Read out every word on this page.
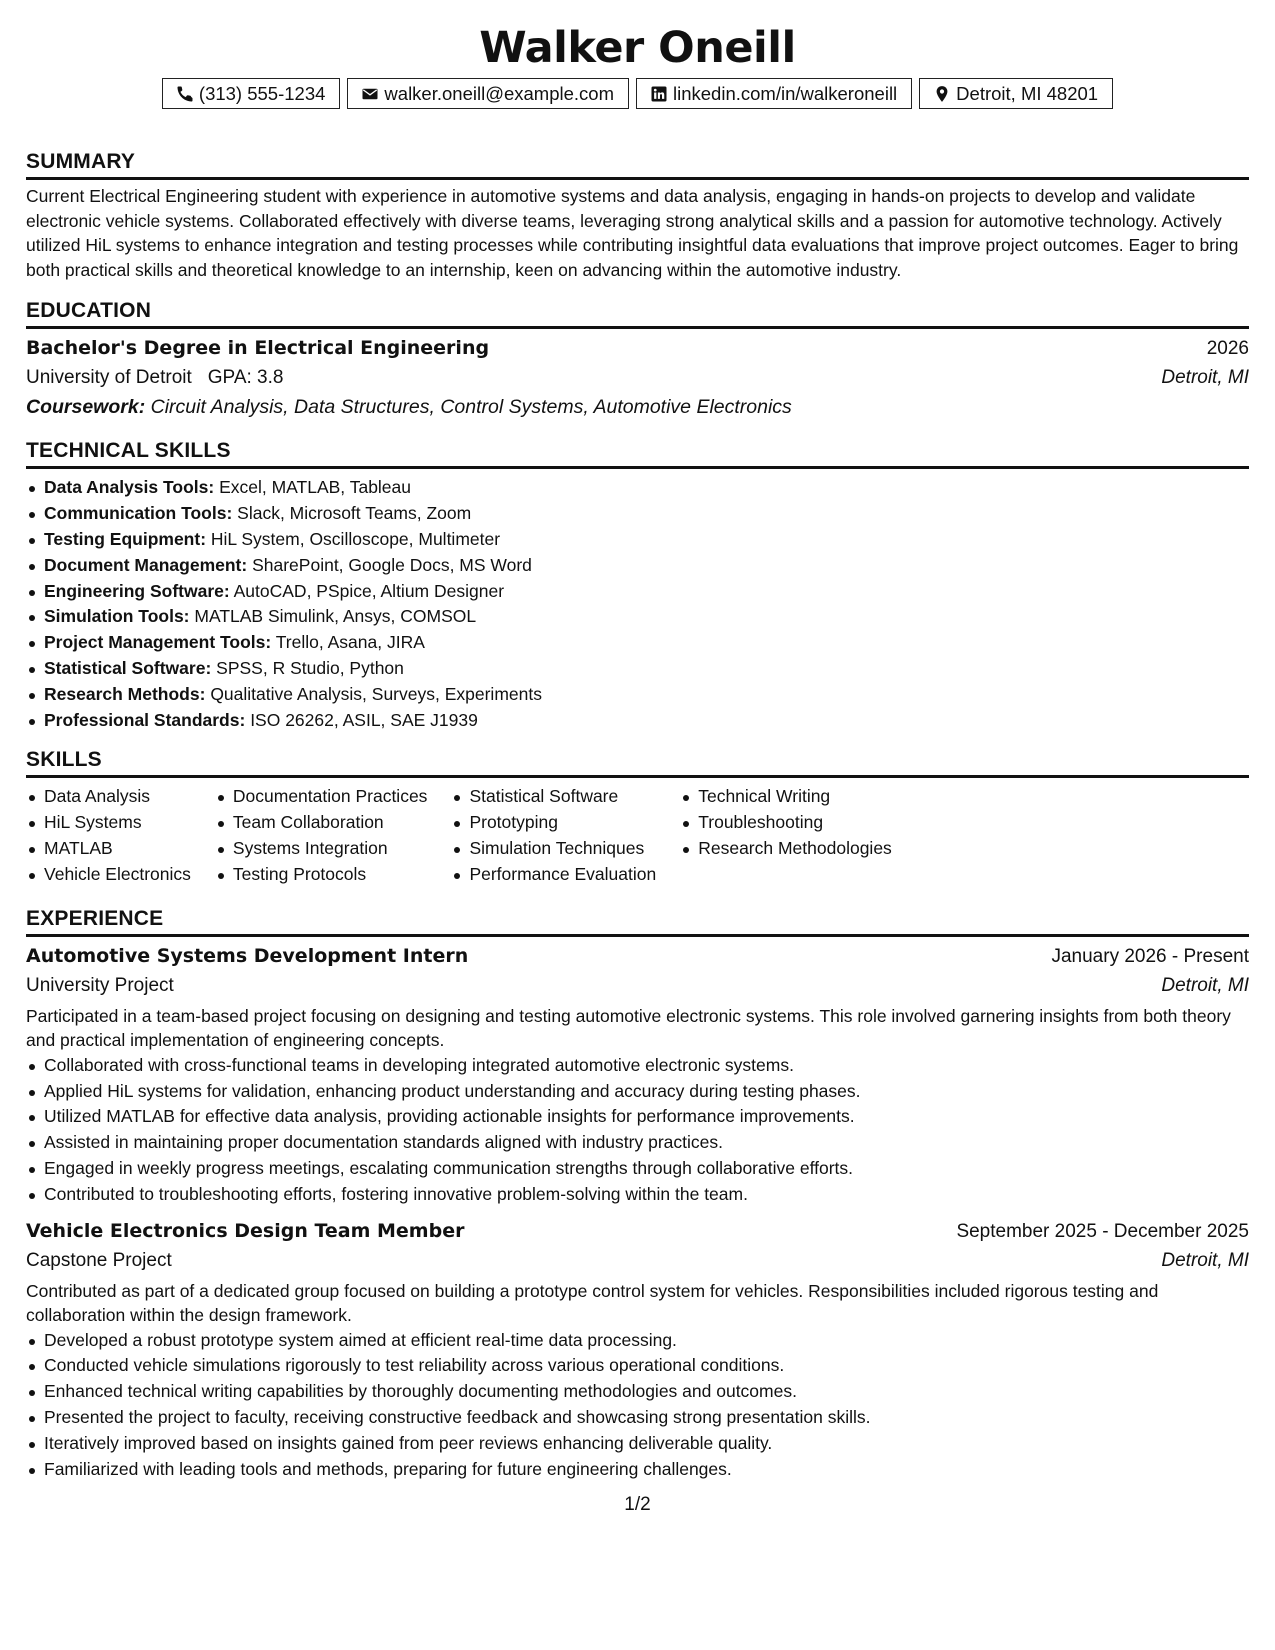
Walker Oneill
(313) 555-1234	walker.oneill@example.com	linkedin.com/in/walkeroneill	Detroit, MI 48201
SUMMARY

Current Electrical Engineering student with experience in automotive systems and data analysis, engaging in hands-on projects to develop and validate electronic vehicle systems. Collaborated effectively with diverse teams, leveraging strong analytical skills and a passion for automotive technology. Actively utilized HiL systems to enhance integration and testing processes while contributing insightful data evaluations that improve project outcomes. Eager to bring both practical skills and theoretical knowledge to an internship, keen on advancing within the automotive industry.

EDUCATION
Bachelor's Degree in Electrical Engineering	2026
University of Detroit GPA: 3.8	Detroit, MI
Coursework: Circuit Analysis, Data Structures, Control Systems, Automotive Electronics
TECHNICAL SKILLS
Data Analysis Tools: Excel, MATLAB, Tableau
Communication Tools: Slack, Microsoft Teams, Zoom
Testing Equipment: HiL System, Oscilloscope, Multimeter
Document Management: SharePoint, Google Docs, MS Word
Engineering Software: AutoCAD, PSpice, Altium Designer
Simulation Tools: MATLAB Simulink, Ansys, COMSOL
Project Management Tools: Trello, Asana, JIRA
Statistical Software: SPSS, R Studio, Python
Research Methods: Qualitative Analysis, Surveys, Experiments
Professional Standards: ISO 26262, ASIL, SAE J1939
SKILLS
Data Analysis
HiL Systems
MATLAB
Vehicle Electronics
Documentation Practices
Team Collaboration
Systems Integration
Testing Protocols
Statistical Software
Prototyping
Simulation Techniques
Performance Evaluation
Technical Writing
Troubleshooting
Research Methodologies
EXPERIENCE
Automotive Systems Development Intern	January 2026 - Present
University Project	Detroit, MI

Participated in a team-based project focusing on designing and testing automotive electronic systems. This role involved garnering insights from both theory and practical implementation of engineering concepts.

Collaborated with cross-functional teams in developing integrated automotive electronic systems.
Applied HiL systems for validation, enhancing product understanding and accuracy during testing phases.
Utilized MATLAB for effective data analysis, providing actionable insights for performance improvements.
Assisted in maintaining proper documentation standards aligned with industry practices.
Engaged in weekly progress meetings, escalating communication strengths through collaborative efforts.
Contributed to troubleshooting efforts, fostering innovative problem-solving within the team.
Vehicle Electronics Design Team Member	September 2025 - December 2025
Capstone Project	Detroit, MI

Contributed as part of a dedicated group focused on building a prototype control system for vehicles. Responsibilities included rigorous testing and collaboration within the design framework.

Developed a robust prototype system aimed at efficient real-time data processing.
Conducted vehicle simulations rigorously to test reliability across various operational conditions.
Enhanced technical writing capabilities by thoroughly documenting methodologies and outcomes.
Presented the project to faculty, receiving constructive feedback and showcasing strong presentation skills.
Iteratively improved based on insights gained from peer reviews enhancing deliverable quality.
Familiarized with leading tools and methods, preparing for future engineering challenges.
1/2
